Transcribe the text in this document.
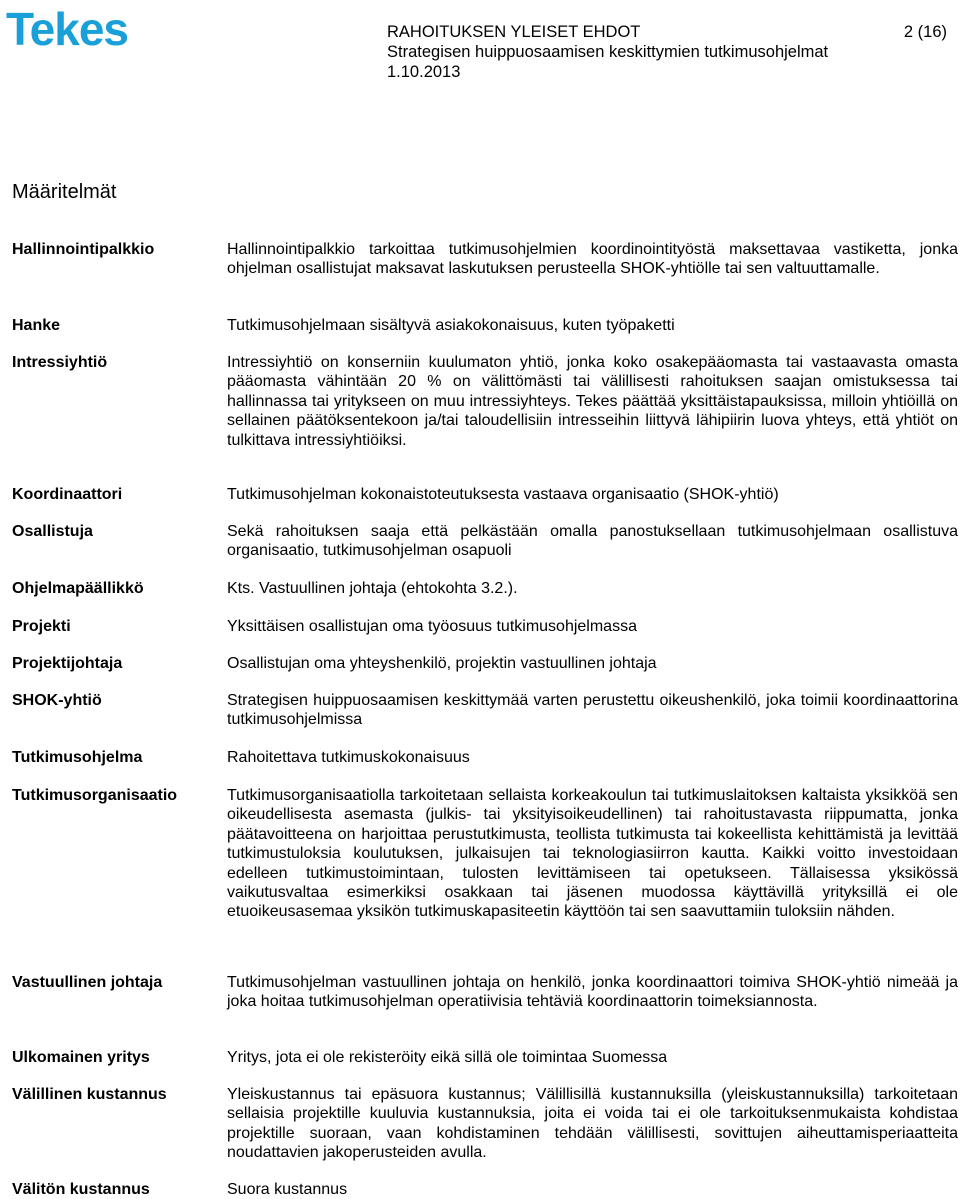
Tekes	RAHOITUKSEN YLEISET EHDOT	2 (16)
Strategisen huippuosaamisen keskittymien tutkimusohjelmat
1.10.2013
Määritelmät
Hallinnointipalkkio	Hallinnointipalkkio tarkoittaa tutkimusohjelmien koordinointityöstä maksettavaa vastiketta, jonka ohjelman osallistujat maksavat laskutuksen perusteella SHOK-yhtiölle tai sen valtuuttamalle.
Hanke	Tutkimusohjelmaan sisältyvä asiakokonaisuus, kuten työpaketti
Intressiyhtiö	Intressiyhtiö on konserniin kuulumaton yhtiö, jonka koko osakepääomasta tai vastaavasta omasta pääomasta vähintään 20 % on välittömästi tai välillisesti rahoituksen saajan omistuksessa tai hallinnassa tai yritykseen on muu intressiyhteys. Tekes päättää yksittäistapauksissa, milloin yhtiöillä on sellainen päätöksentekoon ja/tai taloudellisiin intresseihin liittyvä lähipiirin luova yhteys, että yhtiöt on tulkittava intressiyhtiöiksi.
Koordinaattori	Tutkimusohjelman kokonaistoteutuksesta vastaava organisaatio (SHOK-yhtiö)
Osallistuja	Sekä rahoituksen saaja että pelkästään omalla panostuksellaan tutkimusohjelmaan osallistuva organisaatio, tutkimusohjelman osapuoli
Ohjelmapäällikkö	Kts. Vastuullinen johtaja (ehtokohta 3.2.).
Projekti	Yksittäisen osallistujan oma työosuus tutkimusohjelmassa
Projektijohtaja	Osallistujan oma yhteyshenkilö, projektin vastuullinen johtaja
SHOK-yhtiö	Strategisen huippuosaamisen keskittymää varten perustettu oikeushenkilö, joka toimii koordinaattorina tutkimusohjelmissa
Tutkimusohjelma	Rahoitettava tutkimuskokonaisuus
Tutkimusorganisaatio	Tutkimusorganisaatiolla tarkoitetaan sellaista korkeakoulun tai tutkimuslaitoksen kaltaista yksikköä sen oikeudellisesta asemasta (julkis- tai yksityisoikeudellinen) tai rahoitustavasta riippumatta, jonka päätavoitteena on harjoittaa perustutkimusta, teollista tutkimusta tai kokeellista kehittämistä ja levittää tutkimustuloksia koulutuksen, julkaisujen tai teknologiasiirron kautta. Kaikki voitto investoidaan edelleen tutkimustoimintaan, tulosten levittämiseen tai opetukseen. Tällaisessa yksikössä vaikutusvaltaa esimerkiksi osakkaan tai jäsenen muodossa käyttävillä yrityksillä ei ole etuoikeusasemaa yksikön tutkimuskapasiteetin käyttöön tai sen saavuttamiin tuloksiin nähden.
Vastuullinen johtaja	Tutkimusohjelman vastuullinen johtaja on henkilö, jonka koordinaattori toimiva SHOK-yhtiö nimeää ja joka hoitaa tutkimusohjelman operatiivisia tehtäviä koordinaattorin toimeksiannosta.
Ulkomainen yritys	Yritys, jota ei ole rekisteröity eikä sillä ole toimintaa Suomessa
Välillinen kustannus	Yleiskustannus tai epäsuora kustannus; Välillisillä kustannuksilla (yleiskustannuksilla) tarkoitetaan sellaisia projektille kuuluvia kustannuksia, joita ei voida tai ei ole tarkoituksenmukaista kohdistaa projektille suoraan, vaan kohdistaminen tehdään välillisesti, sovittujen aiheuttamisperiaatteita noudattavien jakoperusteiden avulla.
Välitön kustannus	Suora kustannus
